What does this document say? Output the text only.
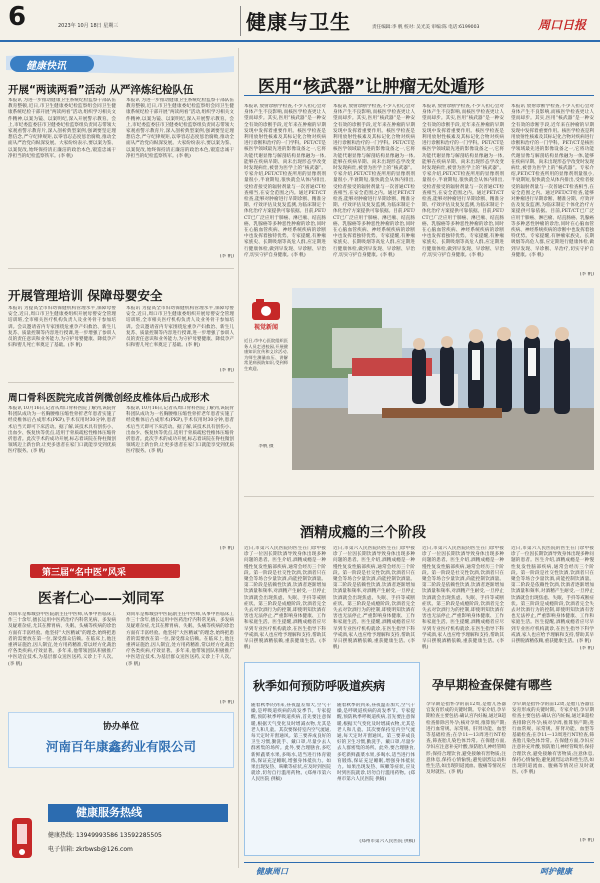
6	2023年 10月 18日 星期三	健康与卫生	责任编辑:李 帆 校对: 吴光美 审编:陈 电话:6199003	周口日报
健康快讯
开展“两读两看”活动 从严淬炼纪检队伍
本报讯 为进一步推动健康卫生系统纪检监察干部队伍教育整顿,近日,市卫生健康委纪检监察组会同卫生健康系统纪检干部开展“两读两看”活动,组织学习相关文件精神,以案为镜、以案明纪,深入开展警示教育。会上,市纪委监委驻市卫健委纪检监察组负责同志带领大家观看警示教育片,深入剖析典型案例,强调要坚定理想信念,严守纪律规矩,以零容忍态度惩治腐败,推动全面从严治党向纵深发展。大家纷纷表示,要以案为鉴、以案促改,始终保持清正廉洁的政治本色,锻造忠诚干净担当的纪检监察铁军。(李 帆)
本报讯 为进一步推动健康卫生系统纪检监察干部队伍教育整顿,近日,市卫生健康委纪检监察组会同卫生健康系统纪检干部开展“两读两看”活动,组织学习相关文件精神,以案为镜、以案明纪,深入开展警示教育。会上,市纪委监委驻市卫健委纪检监察组负责同志带领大家观看警示教育片,深入剖析典型案例,强调要坚定理想信念,严守纪律规矩,以零容忍态度惩治腐败,推动全面从严治党向纵深发展。大家纷纷表示,要以案为鉴、以案促改,始终保持清正廉洁的政治本色,锻造忠诚干净担当的纪检监察铁军。(李 帆)
(李 帆)
开展管理培训 保障母婴安全
本报讯 为提高全市妇幼保健机构管理水平,保障母婴安全,近日,周口市卫生健康委组织开展母婴安全管理培训班,全市相关医疗机构负责人及业务骨干参加培训。会议邀请省内专家围绕危重孕产妇救治、新生儿复苏、质量控制等内容进行授课,进一步增强了参训人员的责任意识和业务能力,为守护母婴健康、降低孕产妇和婴儿死亡率奠定了基础。(李 帆)
本报讯 为提高全市妇幼保健机构管理水平,保障母婴安全,近日,周口市卫生健康委组织开展母婴安全管理培训班,全市相关医疗机构负责人及业务骨干参加培训。会议邀请省内专家围绕危重孕产妇救治、新生儿复苏、质量控制等内容进行授课,进一步增强了参训人员的责任意识和业务能力,为守护母婴健康、降低孕产妇和婴儿死亡率奠定了基础。(李 帆)
(李 帆)
周口骨科医院完成首例微创经皮椎体后凸成形术
本报讯 10月16日,记者从周口骨科医院了解到,该院骨科团队成功为一名胸腰椎压缩性骨折老年患者实施了经皮椎体后凸成形术(PKP),手术仅用时30分钟,患者术后当天即可下床活动。据了解,该技术具有创伤小、出血少、恢复快等优点,适用于骨质疏松性椎体压缩骨折患者。此次手术的成功开展,标志着该院在脊柱微创领域迈上新台阶,让更多患者在家门口就能享受到优质医疗服务。(李 帆)
本报讯 10月16日,记者从周口骨科医院了解到,该院骨科团队成功为一名胸腰椎压缩性骨折老年患者实施了经皮椎体后凸成形术(PKP),手术仅用时30分钟,患者术后当天即可下床活动。据了解,该技术具有创伤小、出血少、恢复快等优点,适用于骨质疏松性椎体压缩骨折患者。此次手术的成功开展,标志着该院在脊柱微创领域迈上新台阶,让更多患者在家门口就能享受到优质医疗服务。(李 帆)
(李 帆)
第三届“名中医”风采
医者仁心——刘同军
刘同军是郸城县中医院副主任中医师,从事中医临床工作三十余年,擅长运用中医药治疗内科常见病、多发病及疑难杂症,尤其在脾胃病、失眠、头痛等疾病的诊治方面有丰富经验。他坚持“大医精诚”的理念,始终把患者的需要放在第一位,深受群众信赖。在临床上,他注重辨证施治,因人制宜,处方用药精准,常以经方化裁治疗各类疾病,疗效显著。多年来,他带领团队积极推广中医适宜技术,为基层群众送医送药,义诊上千人次。(李 帆)
刘同军是郸城县中医院副主任中医师,从事中医临床工作三十余年,擅长运用中医药治疗内科常见病、多发病及疑难杂症,尤其在脾胃病、失眠、头痛等疾病的诊治方面有丰富经验。他坚持“大医精诚”的理念,始终把患者的需要放在第一位,深受群众信赖。在临床上,他注重辨证施治,因人制宜,处方用药精准,常以经方化裁治疗各类疾病,疗效显著。多年来,他带领团队积极推广中医适宜技术,为基层群众送医送药,义诊上千人次。(李 帆)
(李 帆)
协办单位
河南百年康鑫药业有限公司
健康服务热线
健康热线: 13949993586 13592285505
电子信箱: zkrbwsb@126.com
医用“核武器”让肿瘤无处遁形
本报讯 放射诊断学检查,不少人担心会对身体产生不良影响,而核医学检查更让人望而却步。其实,医用“核武器”是一种安全有效的诊断手段,近年来在肿瘤的早期发现中发挥着重要作用。核医学检查是利用放射性核素及其标记化合物对疾病进行诊断和治疗的一门学科。PET/CT是核医学领域最先进的影像设备之一,它将功能代谢显像与解剖结构显像融为一体,能够在疾病早期、尚未出现形态学改变时发现病灶,被誉为医学上的“核武器”。专家介绍,PET/CT检查所用的显像剂剂量很小,半衰期短,很快就会从体内排出,受检者接受的辐射剂量与一次普通CT检查相当,在安全范围之内。通过PET/CT检查,能够对肿瘤进行早期诊断、精准分期、疗效评估及复发监测,为临床制定个体化治疗方案提供可靠依据。目前,PET/CT已广泛应用于肺癌、淋巴瘤、结直肠癌、乳腺癌等多种恶性肿瘤的诊治,同时在心脑血管疾病、神经系统疾病的诊断中也发挥着独特优势。专家提醒,有肿瘤家族史、长期吸烟等高危人群,应定期进行健康体检,做到早发现、早诊断、早治疗,切实守护自身健康。(李 帆)
本报讯 放射诊断学检查,不少人担心会对身体产生不良影响,而核医学检查更让人望而却步。其实,医用“核武器”是一种安全有效的诊断手段,近年来在肿瘤的早期发现中发挥着重要作用。核医学检查是利用放射性核素及其标记化合物对疾病进行诊断和治疗的一门学科。PET/CT是核医学领域最先进的影像设备之一,它将功能代谢显像与解剖结构显像融为一体,能够在疾病早期、尚未出现形态学改变时发现病灶,被誉为医学上的“核武器”。专家介绍,PET/CT检查所用的显像剂剂量很小,半衰期短,很快就会从体内排出,受检者接受的辐射剂量与一次普通CT检查相当,在安全范围之内。通过PET/CT检查,能够对肿瘤进行早期诊断、精准分期、疗效评估及复发监测,为临床制定个体化治疗方案提供可靠依据。目前,PET/CT已广泛应用于肺癌、淋巴瘤、结直肠癌、乳腺癌等多种恶性肿瘤的诊治,同时在心脑血管疾病、神经系统疾病的诊断中也发挥着独特优势。专家提醒,有肿瘤家族史、长期吸烟等高危人群,应定期进行健康体检,做到早发现、早诊断、早治疗,切实守护自身健康。(李 帆)
本报讯 放射诊断学检查,不少人担心会对身体产生不良影响,而核医学检查更让人望而却步。其实,医用“核武器”是一种安全有效的诊断手段,近年来在肿瘤的早期发现中发挥着重要作用。核医学检查是利用放射性核素及其标记化合物对疾病进行诊断和治疗的一门学科。PET/CT是核医学领域最先进的影像设备之一,它将功能代谢显像与解剖结构显像融为一体,能够在疾病早期、尚未出现形态学改变时发现病灶,被誉为医学上的“核武器”。专家介绍,PET/CT检查所用的显像剂剂量很小,半衰期短,很快就会从体内排出,受检者接受的辐射剂量与一次普通CT检查相当,在安全范围之内。通过PET/CT检查,能够对肿瘤进行早期诊断、精准分期、疗效评估及复发监测,为临床制定个体化治疗方案提供可靠依据。目前,PET/CT已广泛应用于肺癌、淋巴瘤、结直肠癌、乳腺癌等多种恶性肿瘤的诊治,同时在心脑血管疾病、神经系统疾病的诊断中也发挥着独特优势。专家提醒,有肿瘤家族史、长期吸烟等高危人群,应定期进行健康体检,做到早发现、早诊断、早治疗,切实守护自身健康。(李 帆)
本报讯 放射诊断学检查,不少人担心会对身体产生不良影响,而核医学检查更让人望而却步。其实,医用“核武器”是一种安全有效的诊断手段,近年来在肿瘤的早期发现中发挥着重要作用。核医学检查是利用放射性核素及其标记化合物对疾病进行诊断和治疗的一门学科。PET/CT是核医学领域最先进的影像设备之一,它将功能代谢显像与解剖结构显像融为一体,能够在疾病早期、尚未出现形态学改变时发现病灶,被誉为医学上的“核武器”。专家介绍,PET/CT检查所用的显像剂剂量很小,半衰期短,很快就会从体内排出,受检者接受的辐射剂量与一次普通CT检查相当,在安全范围之内。通过PET/CT检查,能够对肿瘤进行早期诊断、精准分期、疗效评估及复发监测,为临床制定个体化治疗方案提供可靠依据。目前,PET/CT已广泛应用于肺癌、淋巴瘤、结直肠癌、乳腺癌等多种恶性肿瘤的诊治,同时在心脑血管疾病、神经系统疾病的诊断中也发挥着独特优势。专家提醒,有肿瘤家族史、长期吸烟等高危人群,应定期进行健康体检,做到早发现、早诊断、早治疗,切实守护自身健康。(李 帆)
(李 帆)
视觉新闻
近日,市中心医院组织医务人员走进校园,开展健康知识宣传和义诊活动,为师生测量血压、讲解常见病预防知识,受到师生欢迎。
李帆 摄
酒精成瘾的三个阶段
近日,市第六人民医院的医生在门诊中接诊了一位因长期饮酒导致身体出现多种问题的患者。医生介绍,酒精成瘾是一种慢性复发性脑部疾病,通常会经历三个阶段。第一阶段是社交性饮酒,饮酒者只在聚会等场合少量饮酒,尚能控制饮酒量。第二阶段是依赖性饮酒,饮酒者逐渐增加饮酒量和频率,对酒精产生耐受,一旦停止饮酒就会出现焦虑、失眠、手抖等戒断症状。第三阶段是成瘾阶段,饮酒者完全失去对饮酒行为的控制,即使明知饮酒有害也无法停止,严重影响身体健康、工作和家庭生活。医生提醒,酒精成瘾者应尽早到专业医疗机构就诊,在医生指导下科学戒酒,家人也应给予理解和支持,帮助其早日摆脱酒精依赖,重获健康生活。(李 帆)
近日,市第六人民医院的医生在门诊中接诊了一位因长期饮酒导致身体出现多种问题的患者。医生介绍,酒精成瘾是一种慢性复发性脑部疾病,通常会经历三个阶段。第一阶段是社交性饮酒,饮酒者只在聚会等场合少量饮酒,尚能控制饮酒量。第二阶段是依赖性饮酒,饮酒者逐渐增加饮酒量和频率,对酒精产生耐受,一旦停止饮酒就会出现焦虑、失眠、手抖等戒断症状。第三阶段是成瘾阶段,饮酒者完全失去对饮酒行为的控制,即使明知饮酒有害也无法停止,严重影响身体健康、工作和家庭生活。医生提醒,酒精成瘾者应尽早到专业医疗机构就诊,在医生指导下科学戒酒,家人也应给予理解和支持,帮助其早日摆脱酒精依赖,重获健康生活。(李 帆)
近日,市第六人民医院的医生在门诊中接诊了一位因长期饮酒导致身体出现多种问题的患者。医生介绍,酒精成瘾是一种慢性复发性脑部疾病,通常会经历三个阶段。第一阶段是社交性饮酒,饮酒者只在聚会等场合少量饮酒,尚能控制饮酒量。第二阶段是依赖性饮酒,饮酒者逐渐增加饮酒量和频率,对酒精产生耐受,一旦停止饮酒就会出现焦虑、失眠、手抖等戒断症状。第三阶段是成瘾阶段,饮酒者完全失去对饮酒行为的控制,即使明知饮酒有害也无法停止,严重影响身体健康、工作和家庭生活。医生提醒,酒精成瘾者应尽早到专业医疗机构就诊,在医生指导下科学戒酒,家人也应给予理解和支持,帮助其早日摆脱酒精依赖,重获健康生活。(李 帆)
近日,市第六人民医院的医生在门诊中接诊了一位因长期饮酒导致身体出现多种问题的患者。医生介绍,酒精成瘾是一种慢性复发性脑部疾病,通常会经历三个阶段。第一阶段是社交性饮酒,饮酒者只在聚会等场合少量饮酒,尚能控制饮酒量。第二阶段是依赖性饮酒,饮酒者逐渐增加饮酒量和频率,对酒精产生耐受,一旦停止饮酒就会出现焦虑、失眠、手抖等戒断症状。第三阶段是成瘾阶段,饮酒者完全失去对饮酒行为的控制,即使明知饮酒有害也无法停止,严重影响身体健康、工作和家庭生活。医生提醒,酒精成瘾者应尽早到专业医疗机构就诊,在医生指导下科学戒酒,家人也应给予理解和支持,帮助其早日摆脱酒精依赖,重获健康生活。(李 帆)
(李 帆)
秋季如何预防呼吸道疾病
随着秋季的到来,昼夜温差加大,空气干燥,是呼吸道疾病的高发季节。专家提醒,预防秋季呼吸道疾病,首先要注意保暖,根据天气变化及时增减衣物,尤其是老人和儿童。其次要保持室内空气流通,每天定时开窗通风。第三要养成良好的卫生习惯,勤洗手、戴口罩,尽量少去人群密集的场所。此外,要合理膳食,多吃新鲜蔬菜水果,多喝水,适当进行体育锻炼,保证充足睡眠,增强身体抵抗力。如果出现发热、咳嗽等症状,应及时到医院就诊,切勿自行滥用药物。(郑州市第六人民医院 供稿)
随着秋季的到来,昼夜温差加大,空气干燥,是呼吸道疾病的高发季节。专家提醒,预防秋季呼吸道疾病,首先要注意保暖,根据天气变化及时增减衣物,尤其是老人和儿童。其次要保持室内空气流通,每天定时开窗通风。第三要养成良好的卫生习惯,勤洗手、戴口罩,尽量少去人群密集的场所。此外,要合理膳食,多吃新鲜蔬菜水果,多喝水,适当进行体育锻炼,保证充足睡眠,增强身体抵抗力。如果出现发热、咳嗽等症状,应及时到医院就诊,切勿自行滥用药物。(郑州市第六人民医院 供稿)
(郑州市第六人民医院 供稿)
孕早期检查保健有哪些
孕早期是指怀孕的前12周,是胎儿各器官发育形成的关键时期。专家介绍,孕早期检查主要包括:确认宫内妊娠,通过B超检查排除宫外孕;核对孕周,推算预产期;进行血常规、尿常规、肝肾功能、血型等基础检查;在孕11—13周进行NT检查,筛查胎儿染色体异常。在保健方面,孕妇应注意补充叶酸,预防胎儿神经管畸形;保持合理饮食,避免接触有害物质;注意休息,保持心情愉悦;避免剧烈运动和性生活,如出现阴道流血、腹痛等情况应及时就医。(李 帆)
孕早期是指怀孕的前12周,是胎儿各器官发育形成的关键时期。专家介绍,孕早期检查主要包括:确认宫内妊娠,通过B超检查排除宫外孕;核对孕周,推算预产期;进行血常规、尿常规、肝肾功能、血型等基础检查;在孕11—13周进行NT检查,筛查胎儿染色体异常。在保健方面,孕妇应注意补充叶酸,预防胎儿神经管畸形;保持合理饮食,避免接触有害物质;注意休息,保持心情愉悦;避免剧烈运动和性生活,如出现阴道流血、腹痛等情况应及时就医。(李 帆)
(李 帆)
健康周口	呵护健康
